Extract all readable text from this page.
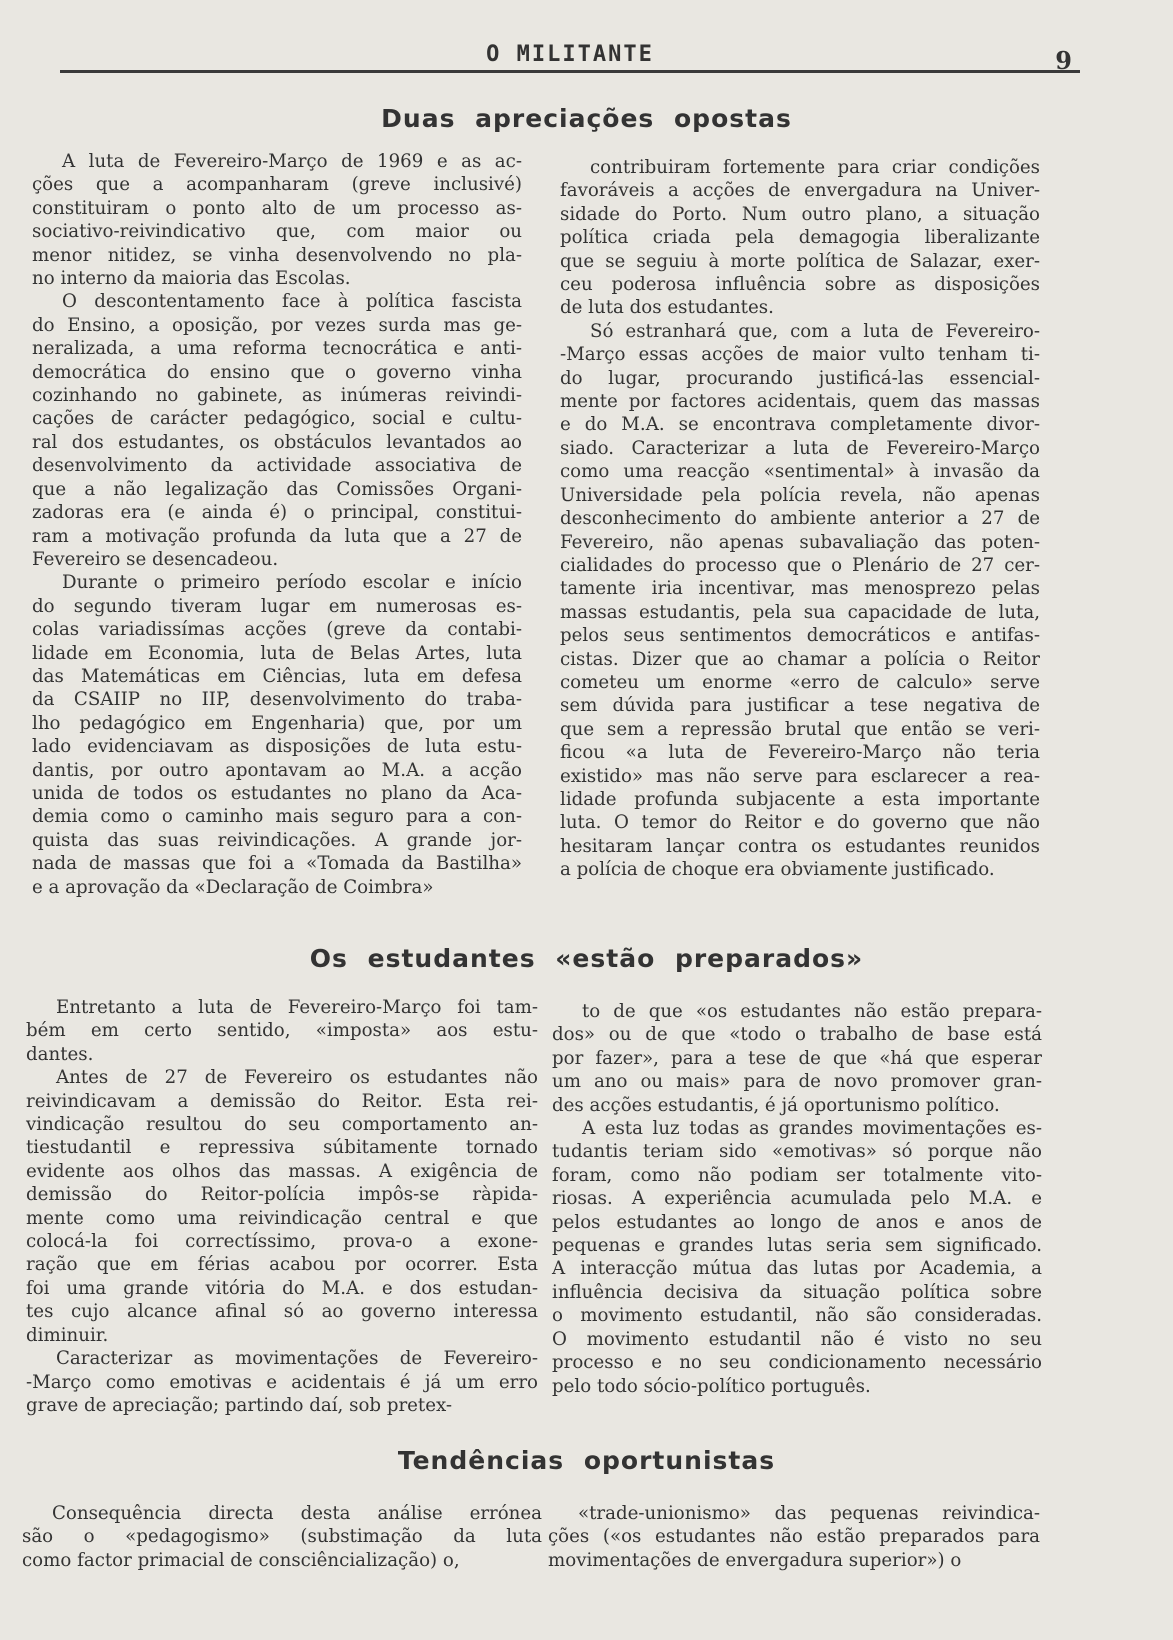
O MILITANTE	9
Duas apreciações opostas

A luta de Fevereiro-Março de 1969 e as ac-
ções que a acompanharam (greve inclusivé)
constituiram o ponto alto de um processo as-
sociativo-reivindicativo que, com maior ou
menor nitidez, se vinha desenvolvendo no pla-
no interno da maioria das Escolas.

O descontentamento face à política fascista
do Ensino, a oposição, por vezes surda mas ge-
neralizada, a uma reforma tecnocrática e anti-
democrática do ensino que o governo vinha
cozinhando no gabinete, as inúmeras reivindi-
cações de carácter pedagógico, social e cultu-
ral dos estudantes, os obstáculos levantados ao
desenvolvimento da actividade associativa de
que a não legalização das Comissões Organi-
zadoras era (e ainda é) o principal, constitui-
ram a motivação profunda da luta que a 27 de
Fevereiro se desencadeou.

Durante o primeiro período escolar e início
do segundo tiveram lugar em numerosas es-
colas variadissímas acções (greve da contabi-
lidade em Economia, luta de Belas Artes, luta
das Matemáticas em Ciências, luta em defesa
da CSAIIP no IIP, desenvolvimento do traba-
lho pedagógico em Engenharia) que, por um
lado evidenciavam as disposições de luta estu-
dantis, por outro apontavam ao M.A. a acção
unida de todos os estudantes no plano da Aca-
demia como o caminho mais seguro para a con-
quista das suas reivindicações. A grande jor-
nada de massas que foi a «Tomada da Bastilha»
e a aprovação da «Declaração de Coimbra»

contribuiram fortemente para criar condições
favoráveis a acções de envergadura na Univer-
sidade do Porto. Num outro plano, a situação
política criada pela demagogia liberalizante
que se seguiu à morte política de Salazar, exer-
ceu poderosa influência sobre as disposições
de luta dos estudantes.

Só estranhará que, com a luta de Fevereiro-
-Março essas acções de maior vulto tenham ti-
do lugar, procurando justificá-las essencial-
mente por factores acidentais, quem das massas
e do M.A. se encontrava completamente divor-
siado. Caracterizar a luta de Fevereiro-Março
como uma reacção «sentimental» à invasão da
Universidade pela polícia revela, não apenas
desconhecimento do ambiente anterior a 27 de
Fevereiro, não apenas subavaliação das poten-
cialidades do processo que o Plenário de 27 cer-
tamente iria incentivar, mas menosprezo pelas
massas estudantis, pela sua capacidade de luta,
pelos seus sentimentos democráticos e antifas-
cistas. Dizer que ao chamar a polícia o Reitor
cometeu um enorme «erro de calculo» serve
sem dúvida para justificar a tese negativa de
que sem a repressão brutal que então se veri-
ficou «a luta de Fevereiro-Março não teria
existido» mas não serve para esclarecer a rea-
lidade profunda subjacente a esta importante
luta. O temor do Reitor e do governo que não
hesitaram lançar contra os estudantes reunidos
a polícia de choque era obviamente justificado.

Os estudantes «estão preparados»

Entretanto a luta de Fevereiro-Março foi tam-
bém em certo sentido, «imposta» aos estu-
dantes.

Antes de 27 de Fevereiro os estudantes não
reivindicavam a demissão do Reitor. Esta rei-
vindicação resultou do seu comportamento an-
tiestudantil e repressiva súbitamente tornado
evidente aos olhos das massas. A exigência de
demissão do Reitor-polícia impôs-se ràpida-
mente como uma reivindicação central e que
colocá-la foi correctíssimo, prova-o a exone-
ração que em férias acabou por ocorrer. Esta
foi uma grande vitória do M.A. e dos estudan-
tes cujo alcance afinal só ao governo interessa
diminuir.

Caracterizar as movimentações de Fevereiro-
-Março como emotivas e acidentais é já um erro
grave de apreciação; partindo daí, sob pretex-

to de que «os estudantes não estão prepara-
dos» ou de que «todo o trabalho de base está
por fazer», para a tese de que «há que esperar
um ano ou mais» para de novo promover gran-
des acções estudantis, é já oportunismo político.

A esta luz todas as grandes movimentações es-
tudantis teriam sido «emotivas» só porque não
foram, como não podiam ser totalmente vito-
riosas. A experiência acumulada pelo M.A. e
pelos estudantes ao longo de anos e anos de
pequenas e grandes lutas seria sem significado.
A interacção mútua das lutas por Academia, a
influência decisiva da situação política sobre
o movimento estudantil, não são consideradas.
O movimento estudantil não é visto no seu
processo e no seu condicionamento necessário
pelo todo sócio-político português.

Tendências oportunistas

Consequência directa desta análise errónea
são o «pedagogismo» (substimação da luta
como factor primacial de consciêncialização) o,

«trade-unionismo» das pequenas reivindica-
ções («os estudantes não estão preparados para
movimentações de envergadura superior») o
